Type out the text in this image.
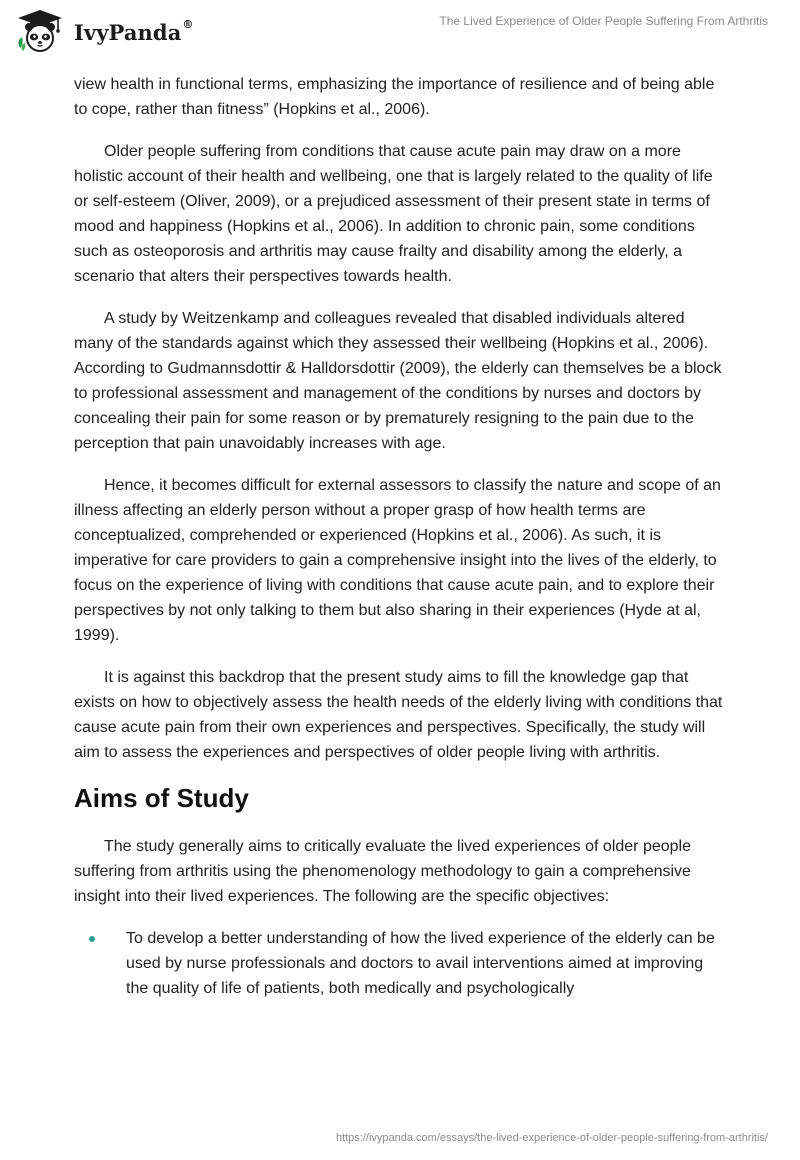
IvyPanda®	The Lived Experience of Older People Suffering From Arthritis

view health in functional terms, emphasizing the importance of resilience and of being able to cope, rather than fitness” (Hopkins et al., 2006).

Older people suffering from conditions that cause acute pain may draw on a more holistic account of their health and wellbeing, one that is largely related to the quality of life or self-esteem (Oliver, 2009), or a prejudiced assessment of their present state in terms of mood and happiness (Hopkins et al., 2006). In addition to chronic pain, some conditions such as osteoporosis and arthritis may cause frailty and disability among the elderly, a scenario that alters their perspectives towards health.

A study by Weitzenkamp and colleagues revealed that disabled individuals altered many of the standards against which they assessed their wellbeing (Hopkins et al., 2006). According to Gudmannsdottir & Halldorsdottir (2009), the elderly can themselves be a block to professional assessment and management of the conditions by nurses and doctors by concealing their pain for some reason or by prematurely resigning to the pain due to the perception that pain unavoidably increases with age.

Hence, it becomes difficult for external assessors to classify the nature and scope of an illness affecting an elderly person without a proper grasp of how health terms are conceptualized, comprehended or experienced (Hopkins et al., 2006). As such, it is imperative for care providers to gain a comprehensive insight into the lives of the elderly, to focus on the experience of living with conditions that cause acute pain, and to explore their perspectives by not only talking to them but also sharing in their experiences (Hyde at al, 1999).

It is against this backdrop that the present study aims to fill the knowledge gap that exists on how to objectively assess the health needs of the elderly living with conditions that cause acute pain from their own experiences and perspectives. Specifically, the study will aim to assess the experiences and perspectives of older people living with arthritis.

Aims of Study

The study generally aims to critically evaluate the lived experiences of older people suffering from arthritis using the phenomenology methodology to gain a comprehensive insight into their lived experiences. The following are the specific objectives:

To develop a better understanding of how the lived experience of the elderly can be used by nurse professionals and doctors to avail interventions aimed at improving the quality of life of patients, both medically and psychologically
https://ivypanda.com/essays/the-lived-experience-of-older-people-suffering-from-arthritis/
